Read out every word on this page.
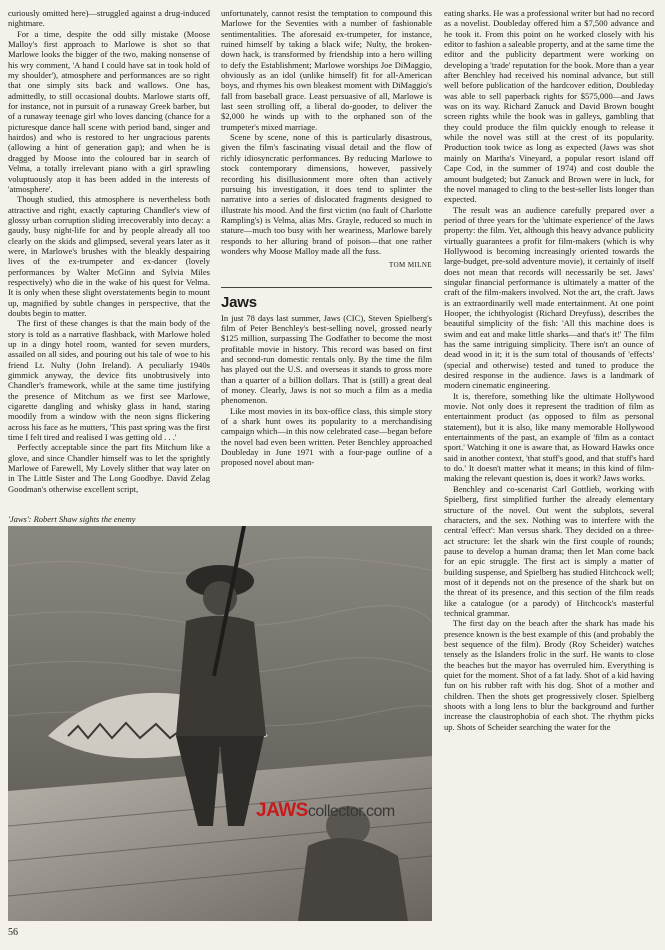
curiously omitted here)—struggled against a drug-induced nightmare.

For a time, despite the odd silly mistake (Moose Malloy's first approach to Marlowe is shot so that Marlowe looks the bigger of the two, making nonsense of his wry comment, 'A hand I could have sat in took hold of my shoulder'), atmosphere and performances are so right that one simply sits back and wallows. One has, admittedly, to still occasional doubts. Marlowe starts off, for instance, not in pursuit of a runaway Greek barber, but of a runaway teenage girl who loves dancing (chance for a picturesque dance hall scene with period band, singer and hairdos) and who is restored to her ungracious parents (allowing a hint of generation gap); and when he is dragged by Moose into the coloured bar in search of Velma, a totally irrelevant piano with a girl sprawling voluptuously atop it has been added in the interests of 'atmosphere'.

Though studied, this atmosphere is nevertheless both attractive and right, exactly capturing Chandler's view of glossy urban corruption sliding irrecoverably into decay: a gaudy, busy night-life for and by people already all too clearly on the skids and glimpsed, several years later as it were, in Marlowe's brushes with the bleakly despairing lives of the ex-trumpeter and ex-dancer (lovely performances by Walter McGinn and Sylvia Miles respectively) who die in the wake of his quest for Velma. It is only when these slight overstatements begin to mount up, magnified by subtle changes in perspective, that the doubts begin to matter.

The first of these changes is that the main body of the story is told as a narrative flashback, with Marlowe holed up in a dingy hotel room, wanted for seven murders, assailed on all sides, and pouring out his tale of woe to his friend Lt. Nulty (John Ireland). A peculiarly 1940s gimmick anyway, the device fits unobtrusively into Chandler's framework, while at the same time justifying the presence of Mitchum as we first see Marlowe, cigarette dangling and whisky glass in hand, staring moodily from a window with the neon signs flickering across his face as he mutters, 'This past spring was the first time I felt tired and realised I was getting old . . .'

Perfectly acceptable since the part fits Mitchum like a glove, and since Chandler himself was to let the sprightly Marlowe of Farewell, My Lovely slither that way later on in The Little Sister and The Long Goodbye. David Zelag Goodman's otherwise excellent script,

unfortunately, cannot resist the temptation to compound this Marlowe for the Seventies with a number of fashionable sentimentalities. The aforesaid ex-trumpeter, for instance, ruined himself by taking a black wife; Nulty, the broken-down hack, is transformed by friendship into a hero willing to defy the Establishment; Marlowe worships Joe DiMaggio, obviously as an idol (unlike himself) fit for all-American boys, and rhymes his own bleakest moment with DiMaggio's fall from baseball grace. Least persuasive of all, Marlowe is last seen strolling off, a liberal do-gooder, to deliver the $2,000 he winds up with to the orphaned son of the trumpeter's mixed marriage.

Scene by scene, none of this is particularly disastrous, given the film's fascinating visual detail and the flow of richly idiosyncratic performances. By reducing Marlowe to stock contemporary dimensions, however, passively recording his disillusionment more often than actively pursuing his investigation, it does tend to splinter the narrative into a series of dislocated fragments designed to illustrate his mood. And the first victim (no fault of Charlotte Rampling's) is Velma, alias Mrs. Grayle, reduced so much in stature—much too busy with her weariness, Marlowe barely responds to her alluring brand of poison—that one rather wonders why Moose Malloy made all the fuss.

TOM MILNE
Jaws

In just 78 days last summer, Jaws (CIC), Steven Spielberg's film of Peter Benchley's best-selling novel, grossed nearly $125 million, surpassing The Godfather to become the most profitable movie in history. This record was based on first and second-run domestic rentals only. By the time the film has played out the U.S. and overseas it stands to gross more than a quarter of a billion dollars. That is (still) a great deal of money. Clearly, Jaws is not so much a film as a media phenomenon.

Like most movies in its box-office class, this simple story of a shark hunt owes its popularity to a merchandising campaign which—in this now celebrated case—began before the novel had even been written. Peter Benchley approached Doubleday in June 1971 with a four-page outline of a proposed novel about man-

eating sharks. He was a professional writer but had no record as a novelist. Doubleday offered him a $7,500 advance and he took it. From this point on he worked closely with his editor to fashion a saleable property, and at the same time the editor and the publicity department were working on developing a 'trade' reputation for the book. More than a year after Benchley had received his nominal advance, but still well before publication of the hardcover edition, Doubleday was able to sell paperback rights for $575,000—and Jaws was on its way. Richard Zanuck and David Brown bought screen rights while the book was in galleys, gambling that they could produce the film quickly enough to release it while the novel was still at the crest of its popularity. Production took twice as long as expected (Jaws was shot mainly on Martha's Vineyard, a popular resort island off Cape Cod, in the summer of 1974) and cost double the amount budgeted; but Zanuck and Brown were in luck, for the novel managed to cling to the best-seller lists longer than expected.

The result was an audience carefully prepared over a period of three years for the 'ultimate experience' of the Jaws property: the film. Yet, although this heavy advance publicity virtually guarantees a profit for film-makers (which is why Hollywood is becoming increasingly oriented towards the large-budget, pre-sold adventure movie), it certainly of itself does not mean that records will necessarily be set. Jaws' singular financial performance is ultimately a matter of the craft of the film-makers involved. Not the art, the craft. Jaws is an extraordinarily well made entertainment. At one point Hooper, the ichthyologist (Richard Dreyfuss), describes the beautiful simplicity of the fish: 'All this machine does is swim and eat and make little sharks—and that's it!' The film has the same intriguing simplicity. There isn't an ounce of dead wood in it; it is the sum total of thousands of 'effects' (special and otherwise) tested and tuned to produce the desired response in the audience. Jaws is a landmark of modern cinematic engineering.

It is, therefore, something like the ultimate Hollywood movie. Not only does it represent the tradition of film as entertainment product (as opposed to film as personal statement), but it is also, like many memorable Hollywood entertainments of the past, an example of 'film as a contact sport.' Watching it one is aware that, as Howard Hawks once said in another context, 'that stuff's good, and that stuff's hard to do.' It doesn't matter what it means; in this kind of film-making the relevant question is, does it work? Jaws works.

Benchley and co-scenarist Carl Gottlieb, working with Spielberg, first simplified further the already elementary structure of the novel. Out went the subplots, several characters, and the sex. Nothing was to interfere with the central 'effect': Man versus shark. They decided on a three-act structure: let the shark win the first couple of rounds; pause to develop a human drama; then let Man come back for an epic struggle. The first act is simply a matter of building suspense, and Spielberg has studied Hitchcock well; most of it depends not on the presence of the shark but on the threat of its presence, and this section of the film reads like a catalogue (or a parody) of Hitchcock's masterful technical grammar.

The first day on the beach after the shark has made his presence known is the best example of this (and probably the best sequence of the film). Brody (Roy Scheider) watches tensely as the Islanders frolic in the surf. He wants to close the beaches but the mayor has overruled him. Everything is quiet for the moment. Shot of a fat lady. Shot of a kid having fun on his rubber raft with his dog. Shot of a mother and children. Then the shots get progressively closer. Spielberg shoots with a long lens to blur the background and further increase the claustrophobia of each shot. The rhythm picks up. Shots of Scheider searching the water for the

'Jaws': Robert Shaw sights the enemy
JAWScollector.com
56
